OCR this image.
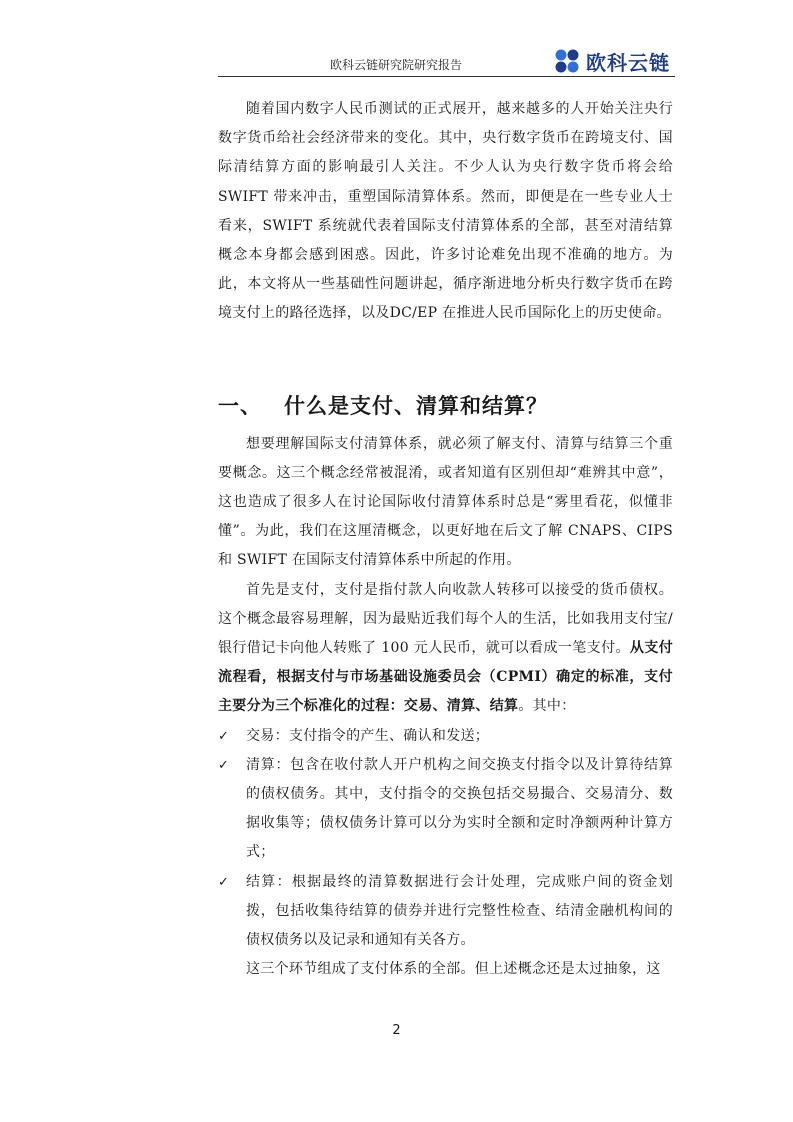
欧科云链研究院研究报告	欧科云链

随着国内数字人民币测试的正式展开，越来越多的人开始关注央行数字货币给社会经济带来的变化。其中，央行数字货币在跨境支付、国际清结算方面的影响最引人关注。不少人认为央行数字货币将会给 SWIFT 带来冲击，重塑国际清算体系。然而，即便是在一些专业人士看来，SWIFT 系统就代表着国际支付清算体系的全部，甚至对清结算概念本身都会感到困惑。因此，许多讨论难免出现不准确的地方。为此，本文将从一些基础性问题讲起，循序渐进地分析央行数字货币在跨境支付上的路径选择，以及DC/EP 在推进人民币国际化上的历史使命。

一、 什么是支付、清算和结算？

想要理解国际支付清算体系，就必须了解支付、清算与结算三个重要概念。这三个概念经常被混淆，或者知道有区别但却“难辨其中意”，这也造成了很多人在讨论国际收付清算体系时总是“雾里看花，似懂非懂”。为此，我们在这厘清概念，以更好地在后文了解 CNAPS、CIPS 和 SWIFT 在国际支付清算体系中所起的作用。

首先是支付，支付是指付款人向收款人转移可以接受的货币债权。这个概念最容易理解，因为最贴近我们每个人的生活，比如我用支付宝/银行借记卡向他人转账了 100 元人民币，就可以看成一笔支付。从支付流程看，根据支付与市场基础设施委员会（CPMI）确定的标准，支付主要分为三个标准化的过程：交易、清算、结算。其中：

✓ 交易：支付指令的产生、确认和发送；

✓ 清算：包含在收付款人开户机构之间交换支付指令以及计算待结算的债权债务。其中，支付指令的交换包括交易撮合、交易清分、数据收集等；债权债务计算可以分为实时全额和定时净额两种计算方式；

✓ 结算：根据最终的清算数据进行会计处理，完成账户间的资金划拨，包括收集待结算的债券并进行完整性检查、结清金融机构间的债权债务以及记录和通知有关各方。

这三个环节组成了支付体系的全部。但上述概念还是太过抽象，这

2
